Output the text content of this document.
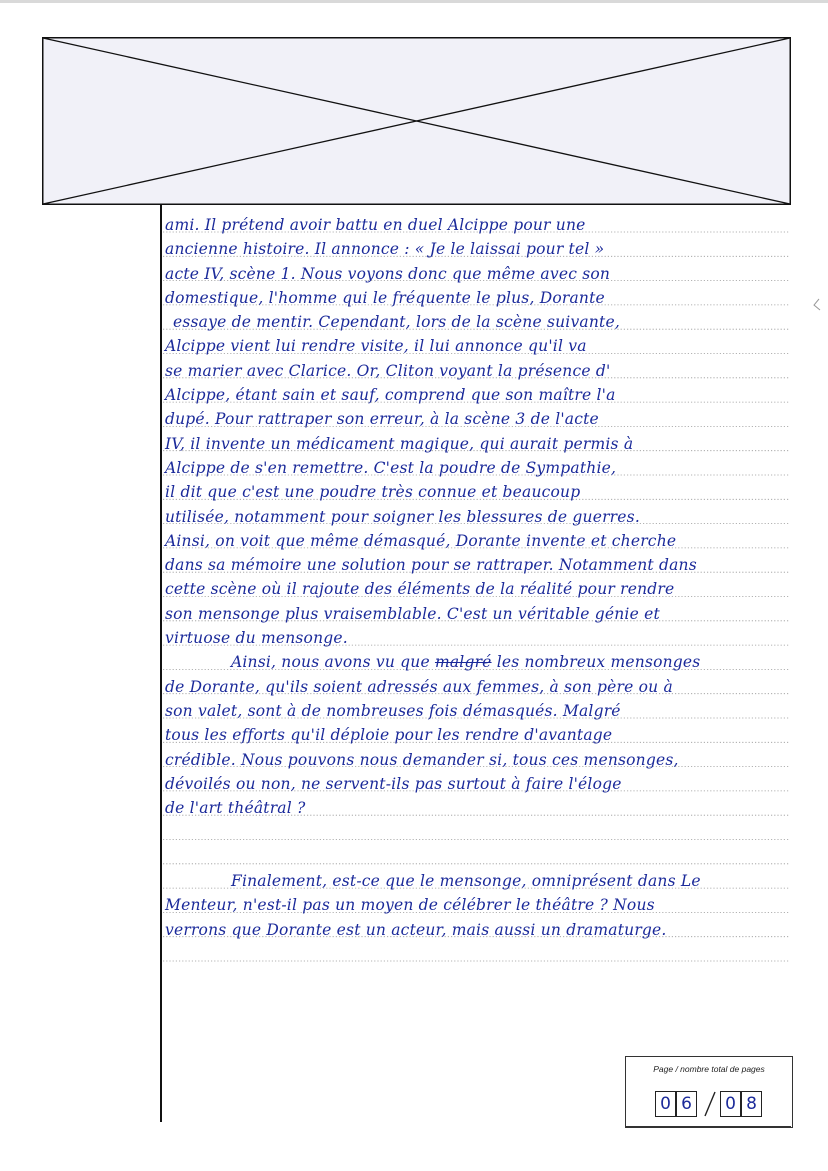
ami. Il prétend avoir battu en duel Alcippe pour une
ancienne histoire. Il annonce : « Je le laissai pour tel »
acte IV, scène 1. Nous voyons donc que même avec son
domestique, l'homme qui le fréquente le plus, Dorante
essaye de mentir. Cependant, lors de la scène suivante,
Alcippe vient lui rendre visite, il lui annonce qu'il va
se marier avec Clarice. Or, Cliton voyant la présence d'
Alcippe, étant sain et sauf, comprend que son maître l'a
dupé. Pour rattraper son erreur, à la scène 3 de l'acte
IV, il invente un médicament magique, qui aurait permis à
Alcippe de s'en remettre. C'est la poudre de Sympathie,
il dit que c'est une poudre très connue et beaucoup
utilisée, notamment pour soigner les blessures de guerres.
Ainsi, on voit que même démasqué, Dorante invente et cherche
dans sa mémoire une solution pour se rattraper. Notamment dans
cette scène où il rajoute des éléments de la réalité pour rendre
son mensonge plus vraisemblable. C'est un véritable génie et
virtuose du mensonge.
Ainsi, nous avons vu que malgré les nombreux mensonges
de Dorante, qu'ils soient adressés aux femmes, à son père ou à
son valet, sont à de nombreuses fois démasqués. Malgré
tous les efforts qu'il déploie pour les rendre d'avantage
crédible. Nous pouvons nous demander si, tous ces mensonges,
dévoilés ou non, ne servent-ils pas surtout à faire l'éloge
de l'art théâtral ?
Finalement, est-ce que le mensonge, omniprésent dans Le
Menteur, n'est-il pas un moyen de célébrer le théâtre ? Nous
verrons que Dorante est un acteur, mais aussi un dramaturge.
Page / nombre total de pages
0 6 0 8
